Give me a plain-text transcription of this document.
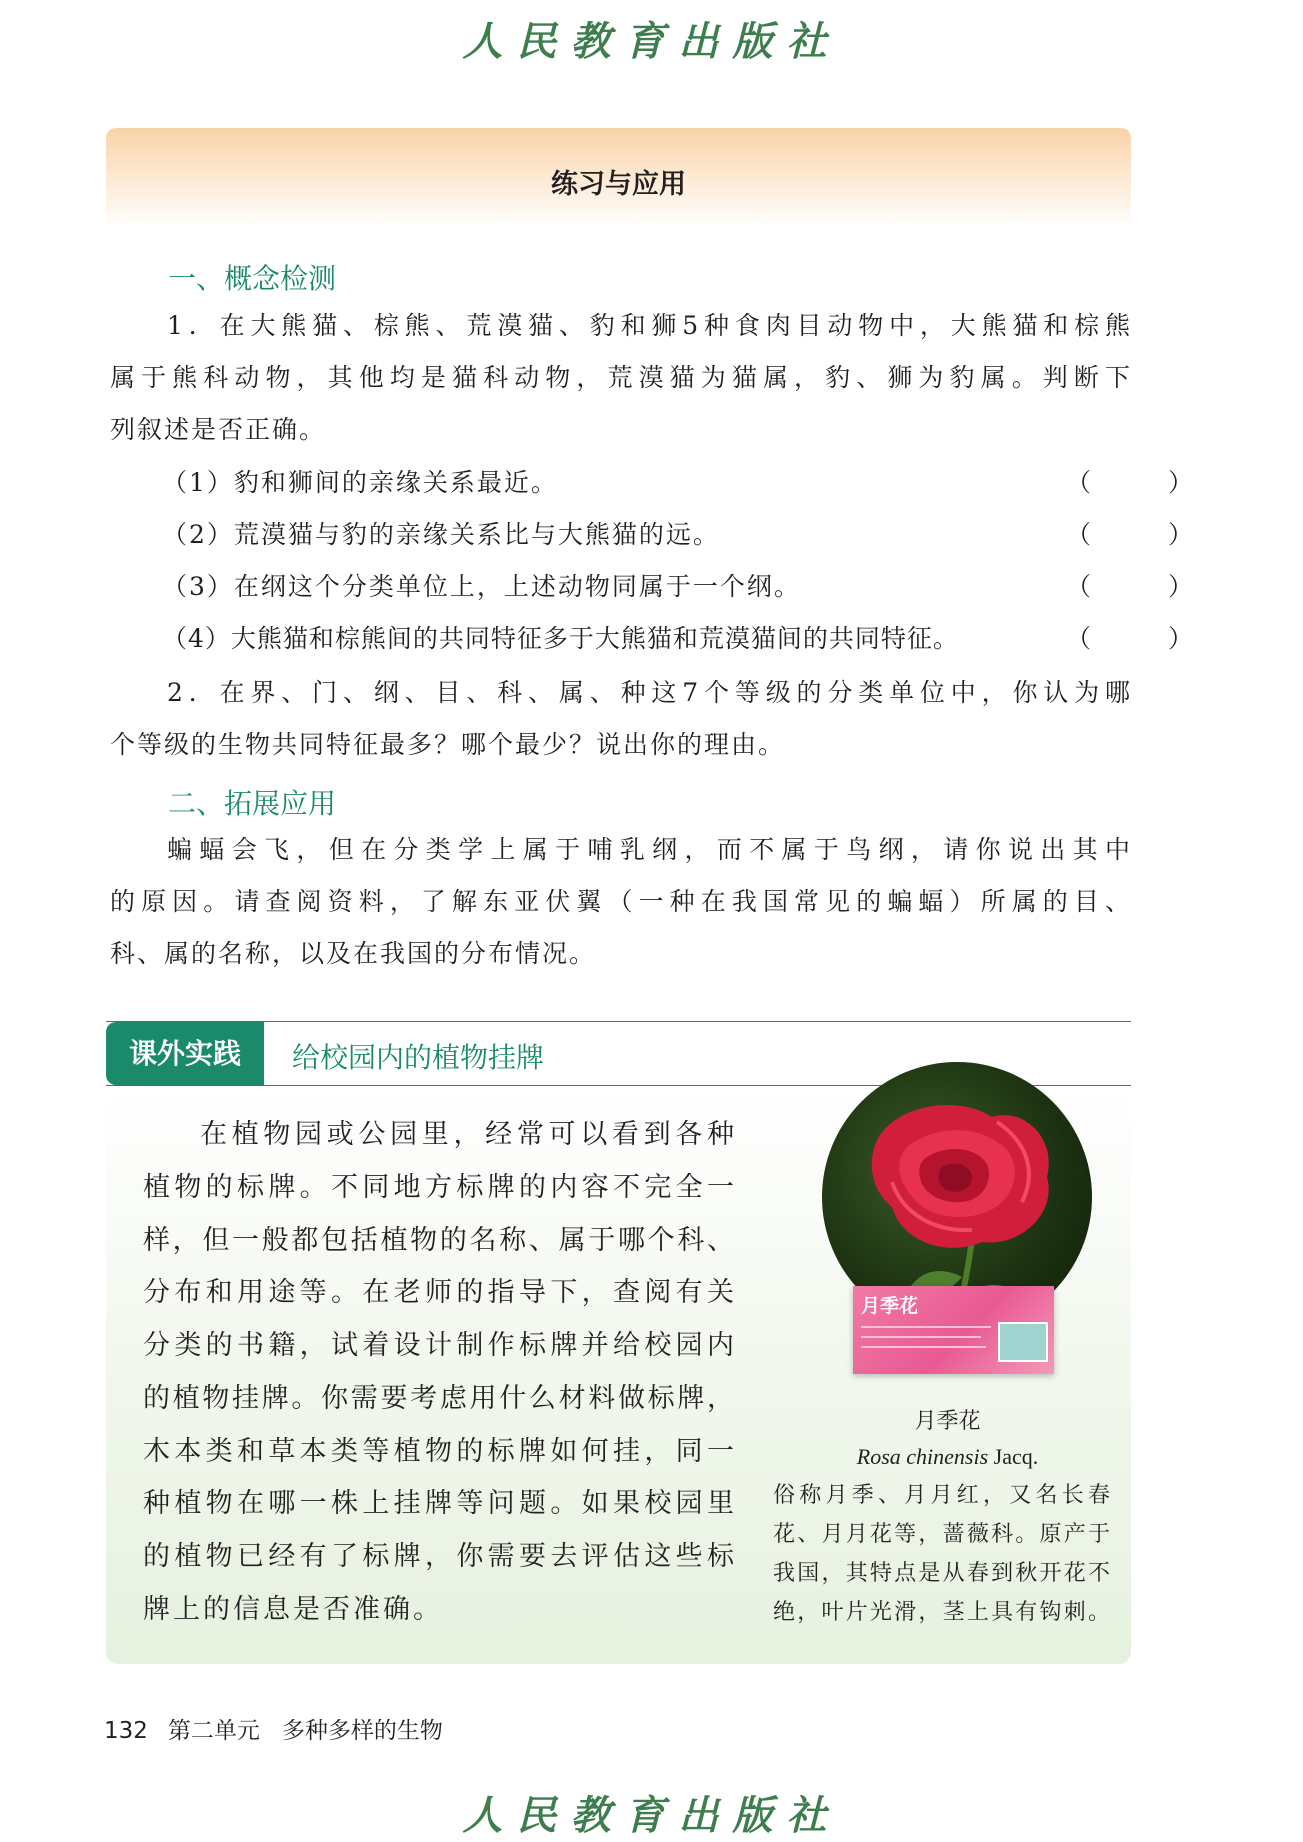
人民教育出版社
练习与应用
一、概念检测
1．在大熊猫、棕熊、荒漠猫、豹和狮5种食肉目动物中，大熊猫和棕熊
属于熊科动物，其他均是猫科动物，荒漠猫为猫属，豹、狮为豹属。判断下
列叙述是否正确。
（1）豹和狮间的亲缘关系最近。	（　）
（2）荒漠猫与豹的亲缘关系比与大熊猫的远。	（　）
（3）在纲这个分类单位上，上述动物同属于一个纲。	（　）
（4）大熊猫和棕熊间的共同特征多于大熊猫和荒漠猫间的共同特征。	（　）
2．在界、门、纲、目、科、属、种这7个等级的分类单位中，你认为哪
个等级的生物共同特征最多？哪个最少？说出你的理由。
二、拓展应用
蝙蝠会飞，但在分类学上属于哺乳纲，而不属于鸟纲，请你说出其中
的原因。请查阅资料，了解东亚伏翼（一种在我国常见的蝙蝠）所属的目、
科、属的名称，以及在我国的分布情况。
课外实践	给校园内的植物挂牌
在植物园或公园里，经常可以看到各种
植物的标牌。不同地方标牌的内容不完全一
样，但一般都包括植物的名称、属于哪个科、
分布和用途等。在老师的指导下，查阅有关
分类的书籍，试着设计制作标牌并给校园内
的植物挂牌。你需要考虑用什么材料做标牌，
木本类和草本类等植物的标牌如何挂，同一
种植物在哪一株上挂牌等问题。如果校园里
的植物已经有了标牌，你需要去评估这些标
牌上的信息是否准确。
月季花
月季花
Rosa chinensis Jacq.
俗称月季、月月红，又名长春
花、月月花等，蔷薇科。原产于
我国，其特点是从春到秋开花不
绝，叶片光滑，茎上具有钩刺。
132 第二单元 多种多样的生物
人民教育出版社
